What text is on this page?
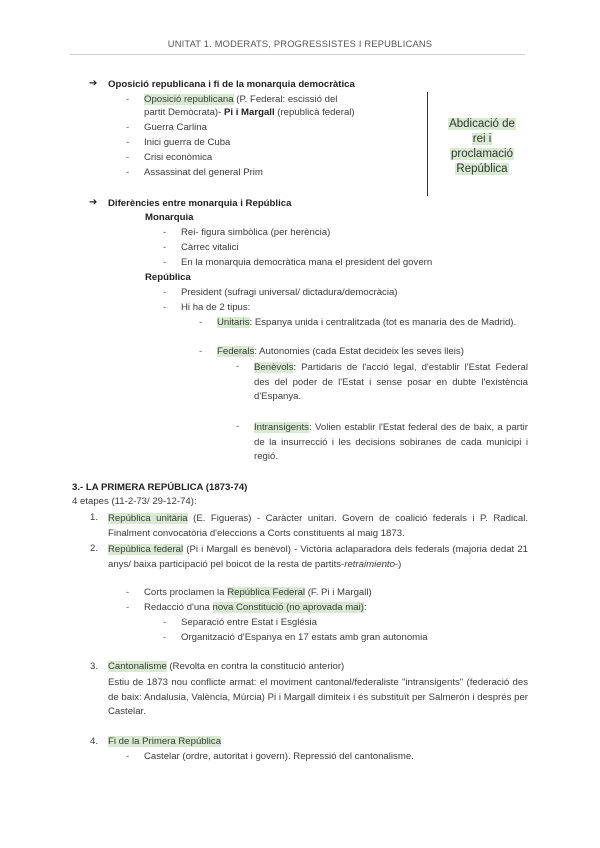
UNITAT 1. MODERATS, PROGRESSISTES I REPUBLICANS
➔ Oposició republicana i fi de la monarquia democràtica
- Oposició republicana (P. Federal: escissió del
partit Demòcrata)- Pi i Margall (republicà federal)
- Guerra Carlina
- Inici guerra de Cuba
- Crisi econòmica
- Assassinat del general Prim
Abdicació de
rei i
proclamació
República
➔ Diferències entre monarquia i República
Monarquia
- Rei- figura simbòlica (per herència)
- Càrrec vitalici
- En la monarquia democràtica mana el president del govern
República
- President (sufragi universal/ dictadura/democràcia)
- Hi ha de 2 tipus:
- Unitaris: Espanya unida i centralitzada (tot es manaria des de Madrid).
- Federals: Autonomies (cada Estat decideix les seves lleis)
- Benèvols: Partidaris de l'acció legal, d'establir l'Estat Federal des del poder de l'Estat i sense posar en dubte l'existència d'Espanya.
- Intransigents: Volien establir l'Estat federal des de baix, a partir de la insurrecció i les decisions sobiranes de cada municipi i regió.
3.- LA PRIMERA REPÚBLICA (1873-74)
4 etapes (11-2-73/ 29-12-74):
1. República unitària (E. Figueras) - Caràcter unitari. Govern de coalició federals i P. Radical. Finalment convocatòria d'eleccions a Corts constituents al maig 1873.
2. República federal (Pi i Margall és benèvol) - Victòria aclaparadora dels federals (majoria dedat 21 anys/ baixa participació pel boicot de la resta de partits-retraimiento-)
- Corts proclamen la República Federal (F. Pi i Margall)
- Redacció d'una nova Constitució (no aprovada mai):
- Separació entre Estat i Església
- Organització d'Espanya en 17 estats amb gran autonomia
3. Cantonalisme (Revolta en contra la constitució anterior)
Estiu de 1873 nou conflicte armat: el moviment cantonal/federaliste "intransigents" (federació des de baix: Andalusia, València, Múrcia) Pi i Margall dimiteix i és substituït per Salmerón i després per Castelar.
4. Fi de la Primera República
- Castelar (ordre, autoritat i govern). Repressió del cantonalisme.
